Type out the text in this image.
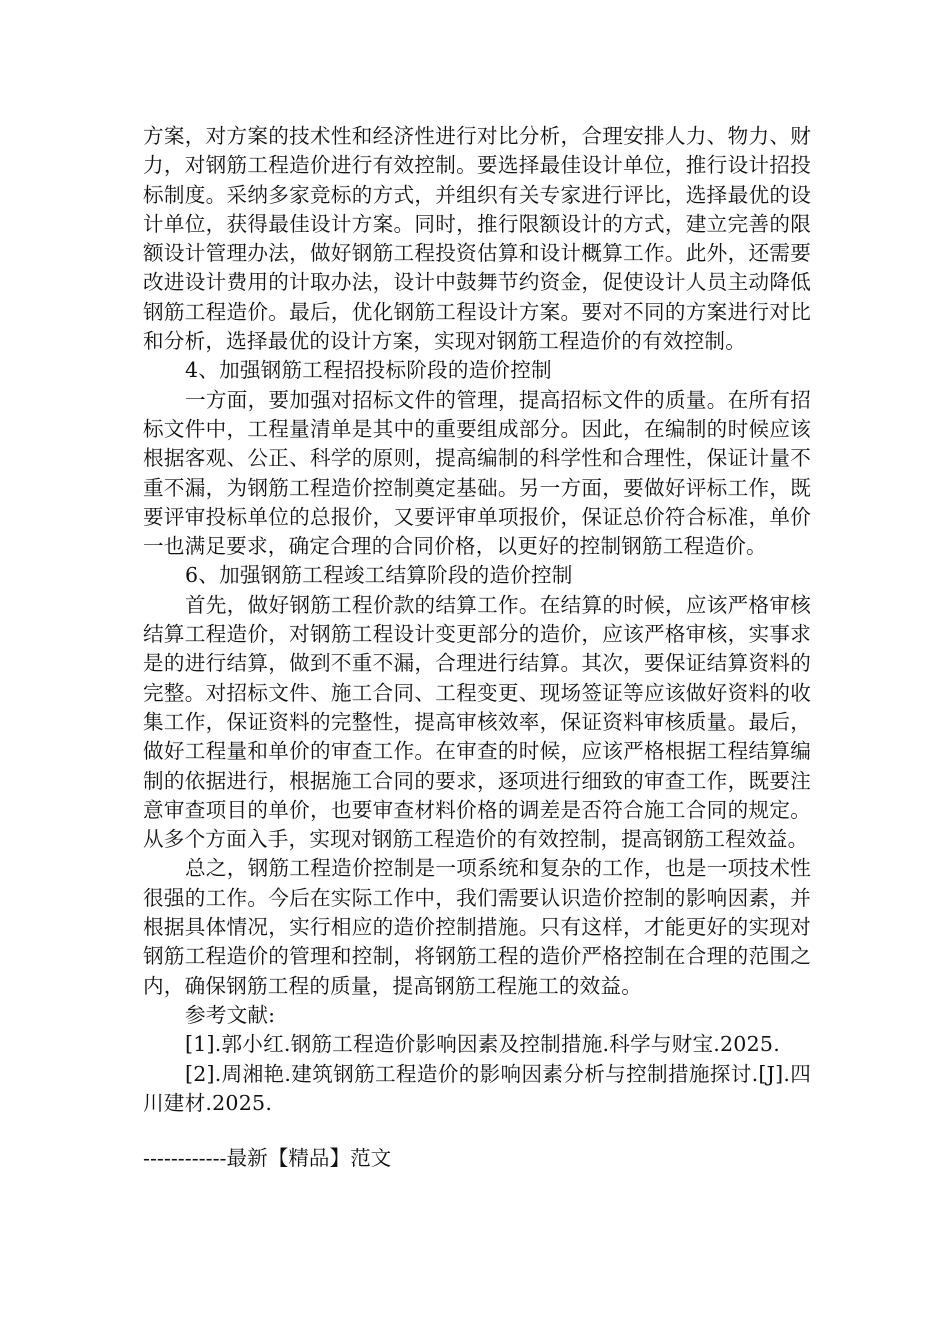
方案，对方案的技术性和经济性进行对比分析，合理安排人力、物力、财力，对钢筋工程造价进行有效控制。要选择最佳设计单位，推行设计招投标制度。采纳多家竞标的方式，并组织有关专家进行评比，选择最优的设计单位，获得最佳设计方案。同时，推行限额设计的方式，建立完善的限额设计管理办法，做好钢筋工程投资估算和设计概算工作。此外，还需要改进设计费用的计取办法，设计中鼓舞节约资金，促使设计人员主动降低钢筋工程造价。最后，优化钢筋工程设计方案。要对不同的方案进行对比和分析，选择最优的设计方案，实现对钢筋工程造价的有效控制。

4、加强钢筋工程招投标阶段的造价控制

一方面，要加强对招标文件的管理，提高招标文件的质量。在所有招标文件中，工程量清单是其中的重要组成部分。因此，在编制的时候应该根据客观、公正、科学的原则，提高编制的科学性和合理性，保证计量不重不漏，为钢筋工程造价控制奠定基础。另一方面，要做好评标工作，既要评审投标单位的总报价，又要评审单项报价，保证总价符合标准，单价一也满足要求，确定合理的合同价格，以更好的控制钢筋工程造价。

6、加强钢筋工程竣工结算阶段的造价控制

首先，做好钢筋工程价款的结算工作。在结算的时候，应该严格审核结算工程造价，对钢筋工程设计变更部分的造价，应该严格审核，实事求是的进行结算，做到不重不漏，合理进行结算。其次，要保证结算资料的完整。对招标文件、施工合同、工程变更、现场签证等应该做好资料的收集工作，保证资料的完整性，提高审核效率，保证资料审核质量。最后，做好工程量和单价的审查工作。在审查的时候，应该严格根据工程结算编制的依据进行，根据施工合同的要求，逐项进行细致的审查工作，既要注意审查项目的单价，也要审查材料价格的调差是否符合施工合同的规定。从多个方面入手，实现对钢筋工程造价的有效控制，提高钢筋工程效益。

总之，钢筋工程造价控制是一项系统和复杂的工作，也是一项技术性很强的工作。今后在实际工作中，我们需要认识造价控制的影响因素，并根据具体情况，实行相应的造价控制措施。只有这样，才能更好的实现对钢筋工程造价的管理和控制，将钢筋工程的造价严格控制在合理的范围之内，确保钢筋工程的质量，提高钢筋工程施工的效益。

参考文献:

[1].郭小红.钢筋工程造价影响因素及控制措施.科学与财宝.2025.

[2].周湘艳.建筑钢筋工程造价的影响因素分析与控制措施探讨.[J].四川建材.2025.

------------最新【精品】范文
